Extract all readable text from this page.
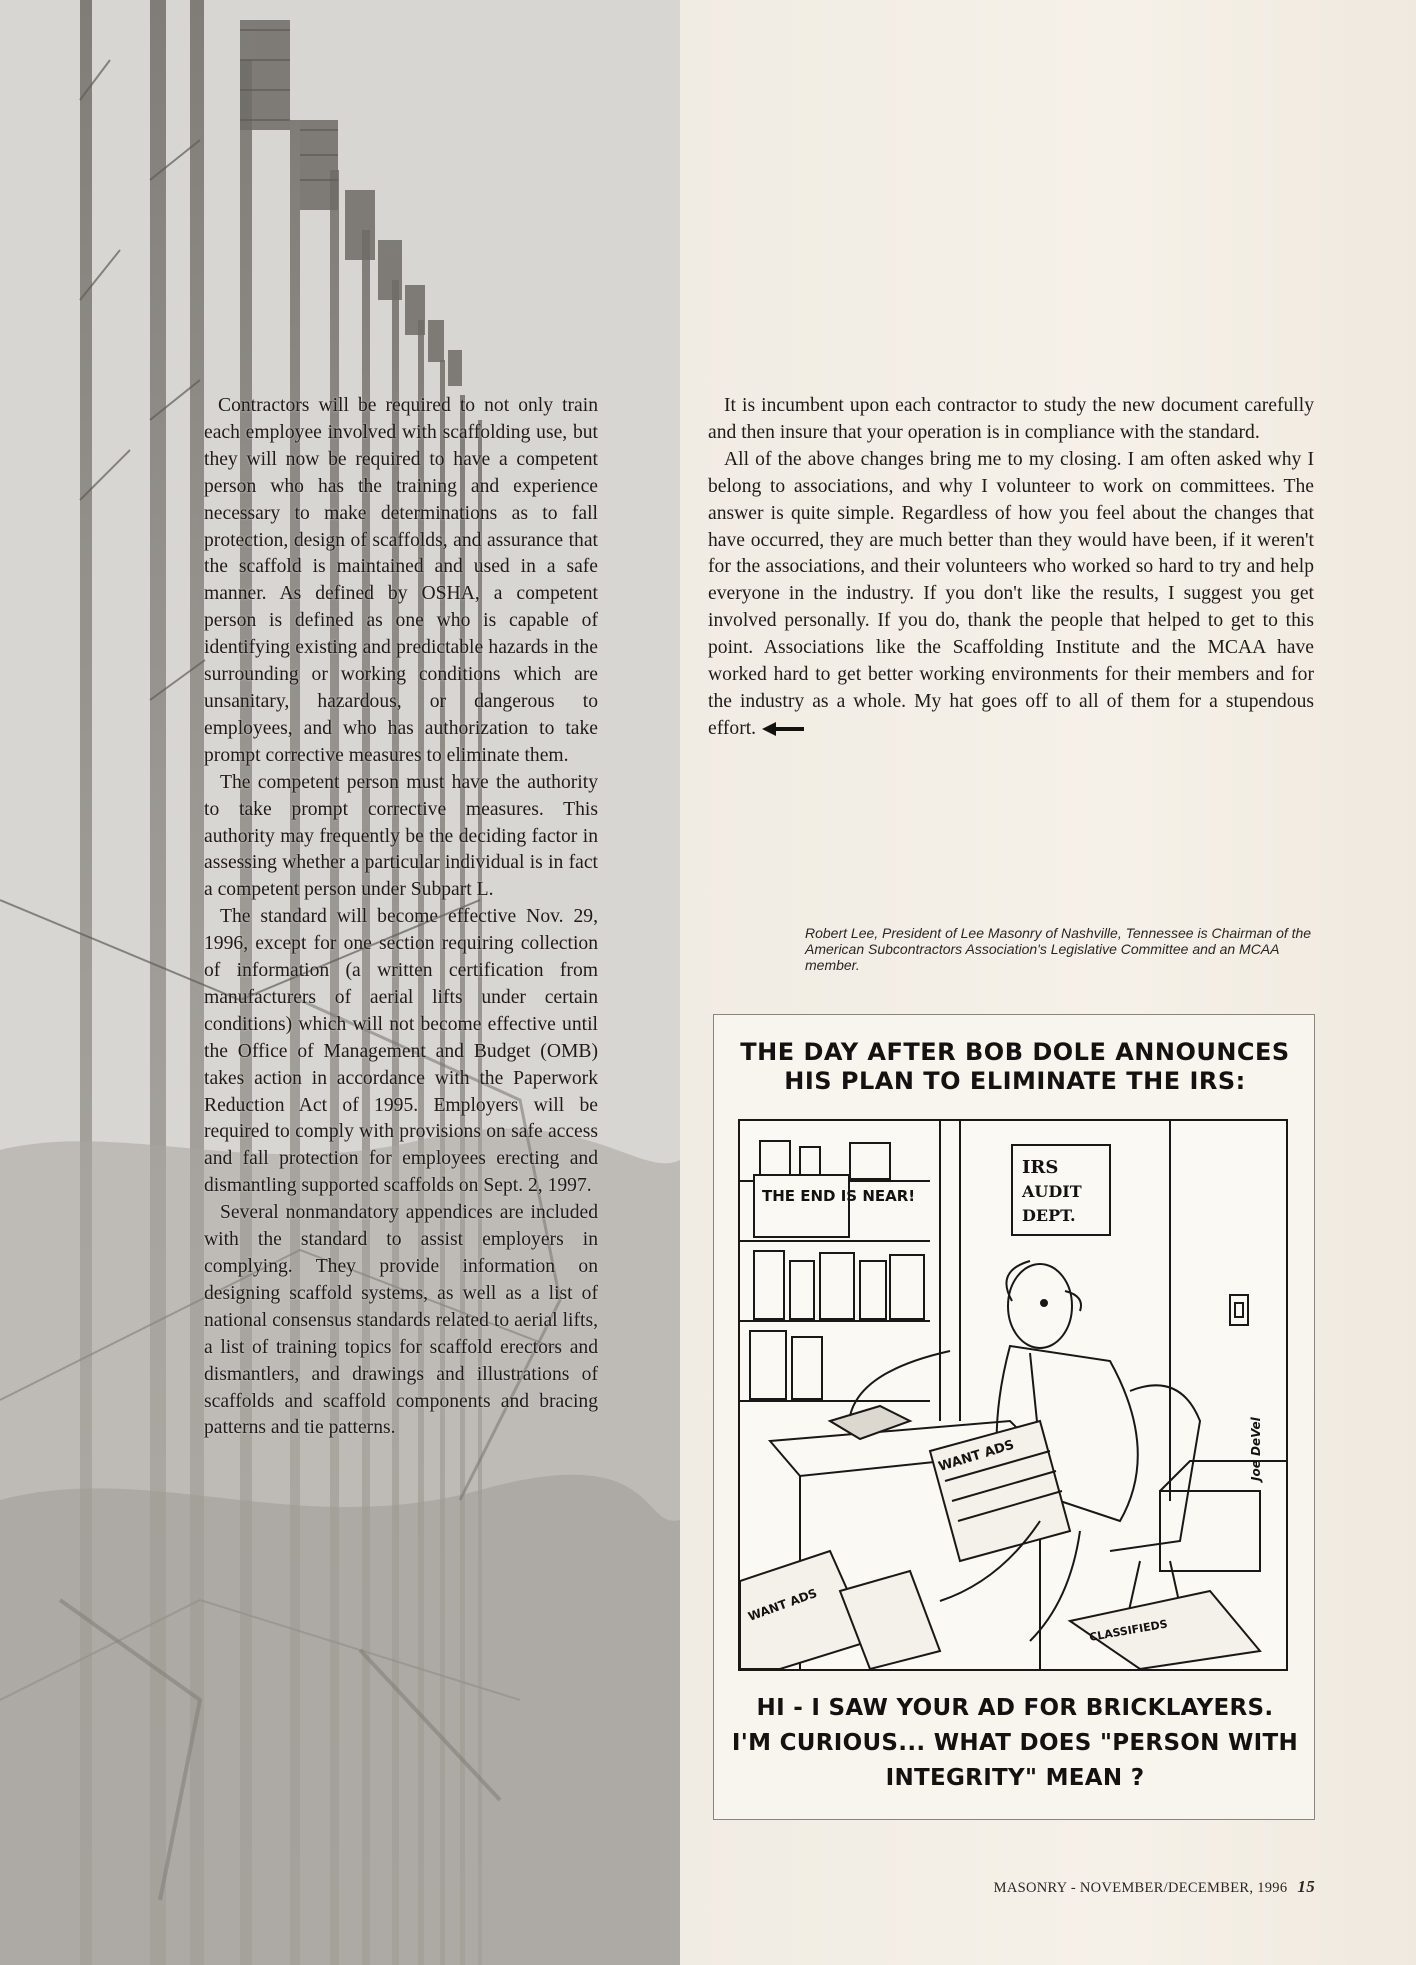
Contractors will be required to not only train each employee involved with scaffolding use, but they will now be required to have a competent person who has the training and experience necessary to make determinations as to fall protection, design of scaffolds, and assurance that the scaffold is maintained and used in a safe manner. As defined by OSHA, a competent person is defined as one who is capable of identifying existing and predictable hazards in the surrounding or working conditions which are unsanitary, hazardous, or dangerous to employees, and who has authorization to take prompt corrective measures to eliminate them.

The competent person must have the authority to take prompt corrective measures. This authority may frequently be the deciding factor in assessing whether a particular individual is in fact a competent person under Subpart L.

The standard will become effective Nov. 29, 1996, except for one section requiring collection of information (a written certification from manufacturers of aerial lifts under certain conditions) which will not become effective until the Office of Management and Budget (OMB) takes action in accordance with the Paperwork Reduction Act of 1995. Employers will be required to comply with provisions on safe access and fall protection for employees erecting and dismantling supported scaffolds on Sept. 2, 1997.

Several nonmandatory appendices are included with the standard to assist employers in complying. They provide information on designing scaffold systems, as well as a list of national consensus standards related to aerial lifts, a list of training topics for scaffold erectors and dismantlers, and drawings and illustrations of scaffolds and scaffold components and bracing patterns and tie patterns.

It is incumbent upon each contractor to study the new document carefully and then insure that your operation is in compliance with the standard.

All of the above changes bring me to my closing. I am often asked why I belong to associations, and why I volunteer to work on committees. The answer is quite simple. Regardless of how you feel about the changes that have occurred, they are much better than they would have been, if it weren't for the associations, and their volunteers who worked so hard to try and help everyone in the industry. If you don't like the results, I suggest you get involved personally. If you do, thank the people that helped to get to this point. Associations like the Scaffolding Institute and the MCAA have worked hard to get better working environments for their members and for the industry as a whole. My hat goes off to all of them for a stupendous effort.

Robert Lee, President of Lee Masonry of Nashville, Tennessee is Chairman of the American Subcontractors Association's Legislative Committee and an MCAA member.
THE DAY AFTER BOB DOLE ANNOUNCES
HIS PLAN TO ELIMINATE THE IRS:
THE END IS NEAR!
IRS
AUDIT
DEPT.
WANT ADS
WANT ADS
CLASSIFIEDS
Joe DeVel
HI - I SAW YOUR AD FOR BRICKLAYERS.
I'M CURIOUS... WHAT DOES "PERSON WITH
INTEGRITY" MEAN ?
MASONRY - NOVEMBER/DECEMBER, 1996 15
